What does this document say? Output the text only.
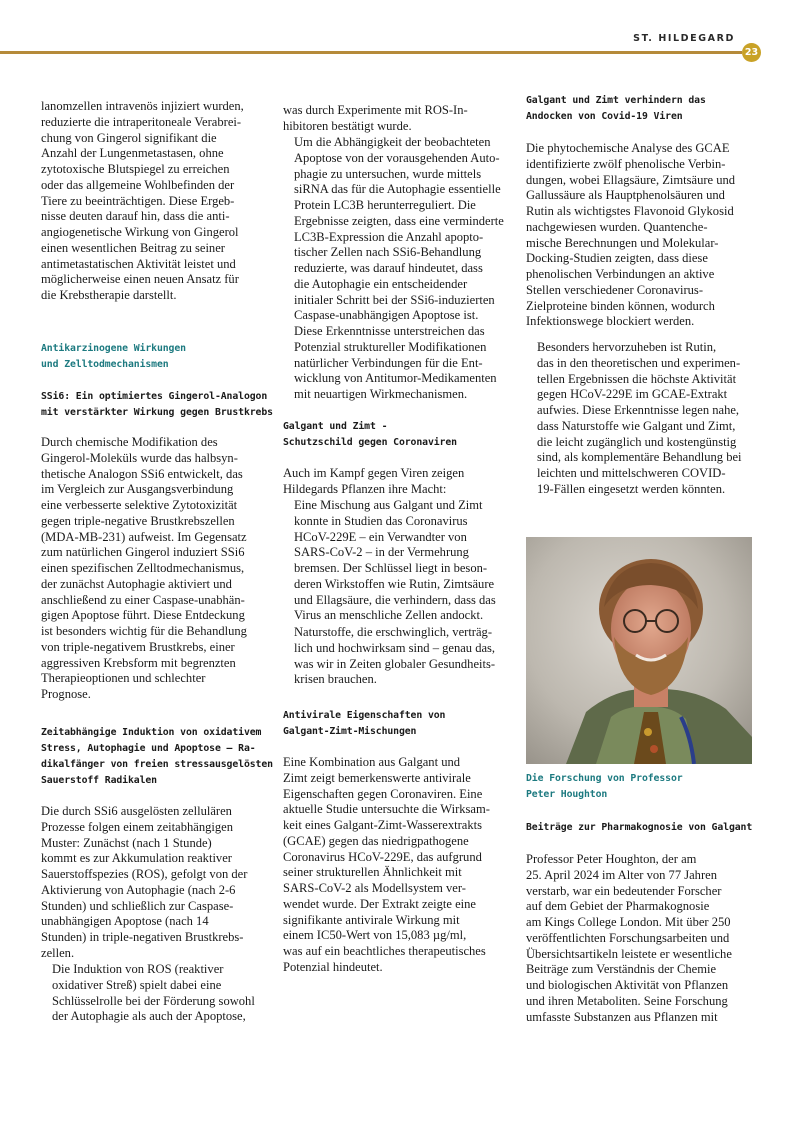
ST. HILDEGARD
23

lanomzellen intravenös injiziert wurden,
reduzierte die intraperitoneale Verabrei-
chung von Gingerol signifikant die
Anzahl der Lungenmetastasen, ohne
zytotoxische Blutspiegel zu erreichen
oder das allgemeine Wohlbefinden der
Tiere zu beeinträchtigen. Diese Ergeb-
nisse deuten darauf hin, dass die anti-
angiogenetische Wirkung von Gingerol
einen wesentlichen Beitrag zu seiner
antimetastatischen Aktivität leistet und
möglicherweise einen neuen Ansatz für
die Krebstherapie darstellt.

Antikarzinogene Wirkungen
und Zelltodmechanismen
SSi6: Ein optimiertes Gingerol-Analogon
mit verstärkter Wirkung gegen Brustkrebs

Durch chemische Modifikation des
Gingerol-Moleküls wurde das halbsyn-
thetische Analogon SSi6 entwickelt, das
im Vergleich zur Ausgangsverbindung
eine verbesserte selektive Zytotoxizität
gegen triple-negative Brustkrebszellen
(MDA-MB-231) aufweist. Im Gegensatz
zum natürlichen Gingerol induziert SSi6
einen spezifischen Zelltodmechanismus,
der zunächst Autophagie aktiviert und
anschließend zu einer Caspase-unabhän-
gigen Apoptose führt. Diese Entdeckung
ist besonders wichtig für die Behandlung
von triple-negativem Brustkrebs, einer
aggressiven Krebsform mit begrenzten
Therapieoptionen und schlechter
Prognose.

Zeitabhängige Induktion von oxidativem
Stress, Autophagie und Apoptose – Ra-
dikalfänger von freien stressausgelösten
Sauerstoff Radikalen

Die durch SSi6 ausgelösten zellulären
Prozesse folgen einem zeitabhängigen
Muster: Zunächst (nach 1 Stunde)
kommt es zur Akkumulation reaktiver
Sauerstoffspezies (ROS), gefolgt von der
Aktivierung von Autophagie (nach 2-6
Stunden) und schließlich zur Caspase-
unabhängigen Apoptose (nach 14
Stunden) in triple-negativen Brustkrebs-
zellen.

Die Induktion von ROS (reaktiver
oxidativer Streß) spielt dabei eine
Schlüsselrolle bei der Förderung sowohl
der Autophagie als auch der Apoptose,

was durch Experimente mit ROS-In-
hibitoren bestätigt wurde.

Um die Abhängigkeit der beobachteten
Apoptose von der vorausgehenden Auto-
phagie zu untersuchen, wurde mittels
siRNA das für die Autophagie essentielle
Protein LC3B herunterreguliert. Die
Ergebnisse zeigten, dass eine verminderte
LC3B-Expression die Anzahl apopto-
tischer Zellen nach SSi6-Behandlung
reduzierte, was darauf hindeutet, dass
die Autophagie ein entscheidender
initialer Schritt bei der SSi6-induzierten
Caspase-unabhängigen Apoptose ist.
Diese Erkenntnisse unterstreichen das
Potenzial struktureller Modifikationen
natürlicher Verbindungen für die Ent-
wicklung von Antitumor-Medikamenten
mit neuartigen Wirkmechanismen.

Galgant und Zimt -
Schutzschild gegen Coronaviren

Auch im Kampf gegen Viren zeigen
Hildegards Pflanzen ihre Macht:

Eine Mischung aus Galgant und Zimt
konnte in Studien das Coronavirus
HCoV-229E – ein Verwandter von
SARS-CoV-2 – in der Vermehrung
bremsen. Der Schlüssel liegt in beson-
deren Wirkstoffen wie Rutin, Zimtsäure
und Ellagsäure, die verhindern, dass das
Virus an menschliche Zellen andockt.

Naturstoffe, die erschwinglich, verträg-
lich und hochwirksam sind – genau das,
was wir in Zeiten globaler Gesundheits-
krisen brauchen.

Antivirale Eigenschaften von
Galgant-Zimt-Mischungen

Eine Kombination aus Galgant und
Zimt zeigt bemerkenswerte antivirale
Eigenschaften gegen Coronaviren. Eine
aktuelle Studie untersuchte die Wirksam-
keit eines Galgant-Zimt-Wasserextrakts
(GCAE) gegen das niedrigpathogene
Coronavirus HCoV-229E, das aufgrund
seiner strukturellen Ähnlichkeit mit
SARS-CoV-2 als Modellsystem ver-
wendet wurde. Der Extrakt zeigte eine
signifikante antivirale Wirkung mit
einem IC50-Wert von 15,083 µg/ml,
was auf ein beachtliches therapeutisches
Potenzial hindeutet.

Galgant und Zimt verhindern das
Andocken von Covid-19 Viren

Die phytochemische Analyse des GCAE
identifizierte zwölf phenolische Verbin-
dungen, wobei Ellagsäure, Zimtsäure und
Gallussäure als Hauptphenolsäuren und
Rutin als wichtigstes Flavonoid Glykosid
nachgewiesen wurden. Quantenche-
mische Berechnungen und Molekular-
Docking-Studien zeigten, dass diese
phenolischen Verbindungen an aktive
Stellen verschiedener Coronavirus-
Zielproteine binden können, wodurch
Infektionswege blockiert werden.

Besonders hervorzuheben ist Rutin,
das in den theoretischen und experimen-
tellen Ergebnissen die höchste Aktivität
gegen HCoV-229E im GCAE-Extrakt
aufwies. Diese Erkenntnisse legen nahe,
dass Naturstoffe wie Galgant und Zimt,
die leicht zugänglich und kostengünstig
sind, als komplementäre Behandlung bei
leichten und mittelschweren COVID-
19-Fällen eingesetzt werden könnten.

Die Forschung von Professor
Peter Houghton
Beiträge zur Pharmakognosie von Galgant

Professor Peter Houghton, der am
25. April 2024 im Alter von 77 Jahren
verstarb, war ein bedeutender Forscher
auf dem Gebiet der Pharmakognosie
am Kings College London. Mit über 250
veröffentlichten Forschungsarbeiten und
Übersichtsartikeln leistete er wesentliche
Beiträge zum Verständnis der Chemie
und biologischen Aktivität von Pflanzen
und ihren Metaboliten. Seine Forschung
umfasste Substanzen aus Pflanzen mit
